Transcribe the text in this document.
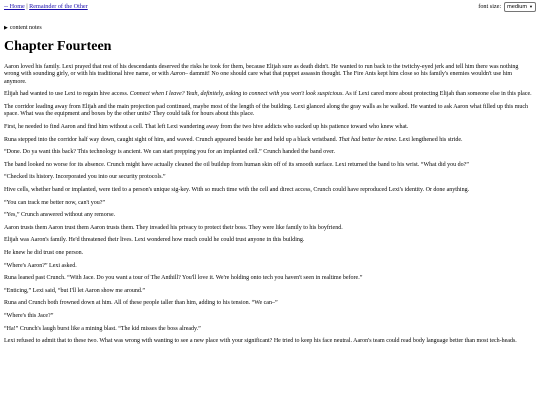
-- Home | Remainder of the Other	font size: medium ▼
▶ content notes
Chapter Fourteen

Aaron loved his family. Lexi prayed that rest of his descendants deserved the risks he took for them, because Elijah sure as death didn't. He wanted to run back to the twitchy-eyed jerk and tell him there was nothing wrong with sounding girly, or with his traditional hive name, or with Aaron– dammit! No one should care what that puppet assassin thought. The Fire Ants kept him close so his family's enemies wouldn't use him anymore.

Elijah had wanted to use Lexi to regain hive access. Connect when I leave? Yeah, definitely, asking to connect with you won't look suspicious. As if Lexi cared more about protecting Elijah than someone else in this place.

The corridor leading away from Elijah and the main projection pad continued, maybe most of the length of the building. Lexi glanced along the gray walls as he walked. He wanted to ask Aaron what filled up this much space. What was the equipment and boxes by the other units? They could talk for hours about this place.

First, he needed to find Aaron and find him without a cell. That left Lexi wandering away from the two hive addicts who sucked up his patience toward who knew what.

Runa stepped into the corridor half way down, caught sight of him, and waved. Crunch appeared beside her and held up a black wristband. That had better be mine. Lexi lengthened his stride.

“Done. Do ya want this back? This technology is ancient. We can start prepping you for an implanted cell.” Crunch handed the band over.

The band looked no worse for its absence. Crunch might have actually cleaned the oil buildup from human skin off of its smooth surface. Lexi returned the band to his wrist. “What did you do?”

“Checked its history. Incorporated you into our security protocols.”

Hive cells, whether band or implanted, were tied to a person's unique sig-key. With so much time with the cell and direct access, Crunch could have reproduced Lexi's identity. Or done anything.

“You can track me better now, can't you?”

“Yes,” Crunch answered without any remorse.

Aaron trusts them Aaron trust them Aaron trusts them. They invaded his privacy to protect their boss. They were like family to his boyfriend.

Elijah was Aaron's family. He'd threatened their lives. Lexi wondered how much could he could trust anyone in this building.

He knew he did trust one person.

“Where's Aaron?” Lexi asked.

Runa leaned past Crunch. “With Jace. Do you want a tour of The Anthill? You'll love it. We're holding onto tech you haven't seen in realtime before.”

“Enticing,” Lexi said, “but I'll let Aaron show me around.”

Runa and Crunch both frowned down at him. All of these people taller than him, adding to his tension. “We can–”

“Where's this Jace?”

“Ha!” Crunch's laugh burst like a mining blast. “The kid misses the boss already.”

Lexi refused to admit that to these two. What was wrong with wanting to see a new place with your significant? He tried to keep his face neutral. Aaron's team could read body language better than most tech-heads.
